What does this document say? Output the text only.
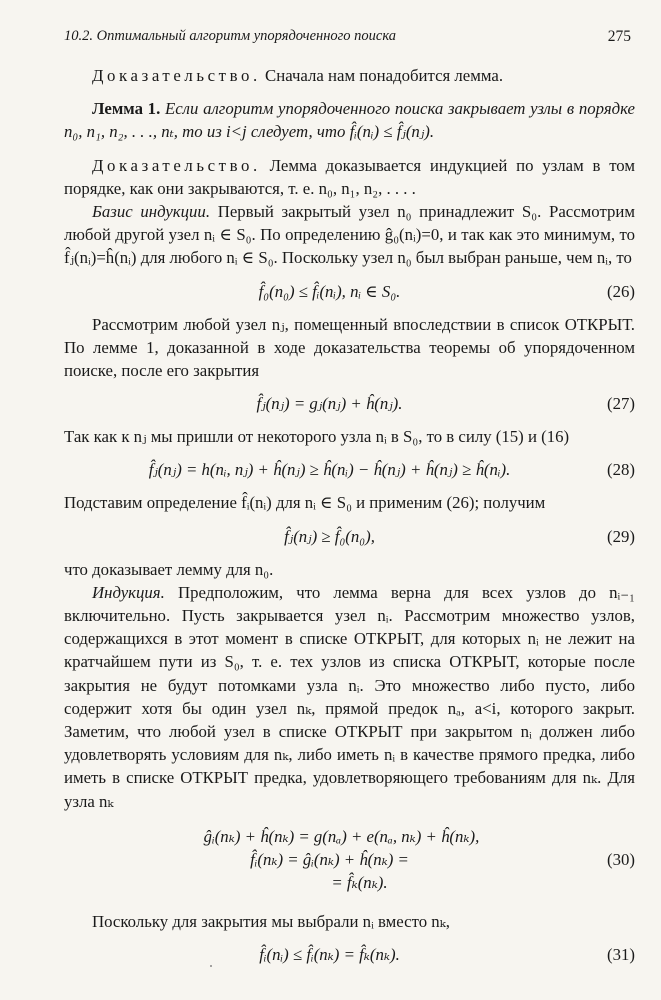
10.2. Оптимальный алгоритм упорядоченного поиска	275

Доказательство. Сначала нам понадобится лемма.

Лемма 1. Если алгоритм упорядоченного поиска закрывает узлы в порядке n₀, n₁, n₂, . . ., nₜ, то из i<j следует, что f̂ᵢ(nᵢ) ≤ f̂ⱼ(nⱼ).

Доказательство. Лемма доказывается индукцией по узлам в том порядке, как они закрываются, т. е. n₀, n₁, n₂, . . . .

Базис индукции. Первый закрытый узел n₀ принадлежит S₀. Рассмотрим любой другой узел nᵢ ∈ S₀. По определению ĝ₀(nᵢ)=0, и так как это минимум, то f̂ⱼ(nᵢ)=ĥ(nᵢ) для любого nᵢ ∈ S₀. Поскольку узел n₀ был выбран раньше, чем nᵢ, то

f̂₀(n₀) ≤ f̂ᵢ(nᵢ), nᵢ ∈ S₀.	(26)

Рассмотрим любой узел nⱼ, помещенный впоследствии в список ОТКРЫТ. По лемме 1, доказанной в ходе доказательства теоремы об упорядоченном поиске, после его закрытия

f̂ⱼ(nⱼ) = gⱼ(nⱼ) + ĥ(nⱼ).	(27)

Так как к nⱼ мы пришли от некоторого узла nᵢ в S₀, то в силу (15) и (16)

f̂ⱼ(nⱼ) = h(nᵢ, nⱼ) + ĥ(nⱼ) ≥ ĥ(nᵢ) − ĥ(nⱼ) + ĥ(nⱼ) ≥ ĥ(nᵢ).	(28)

Подставим определение f̂ᵢ(nᵢ) для nᵢ ∈ S₀ и применим (26); получим

f̂ⱼ(nⱼ) ≥ f̂₀(n₀),	(29)

что доказывает лемму для n₀.

Индукция. Предположим, что лемма верна для всех узлов до nᵢ₋₁ включительно. Пусть закрывается узел nᵢ. Рассмотрим множество узлов, содержащихся в этот момент в списке ОТКРЫТ, для которых nᵢ не лежит на кратчайшем пути из S₀, т. е. тех узлов из списка ОТКРЫТ, которые после закрытия не будут потомками узла nᵢ. Это множество либо пусто, либо содержит хотя бы один узел nₖ, прямой предок nₐ, a<i, которого закрыт. Заметим, что любой узел в списке ОТКРЫТ при закрытом nᵢ должен либо удовлетворять условиям для nₖ, либо иметь nᵢ в качестве прямого предка, либо иметь в списке ОТКРЫТ предка, удовлетворяющего требованиям для nₖ. Для узла nₖ

ĝᵢ(nₖ) + ĥ(nₖ) = g(nₐ) + e(nₐ, nₖ) + ĥ(nₖ),
f̂ᵢ(nₖ) = ĝᵢ(nₖ) + ĥ(nₖ) =	(30)
= f̂ₖ(nₖ).

Поскольку для закрытия мы выбрали nᵢ вместо nₖ,

f̂ᵢ(nᵢ) ≤ f̂ᵢ(nₖ) = f̂ₖ(nₖ).	(31)
